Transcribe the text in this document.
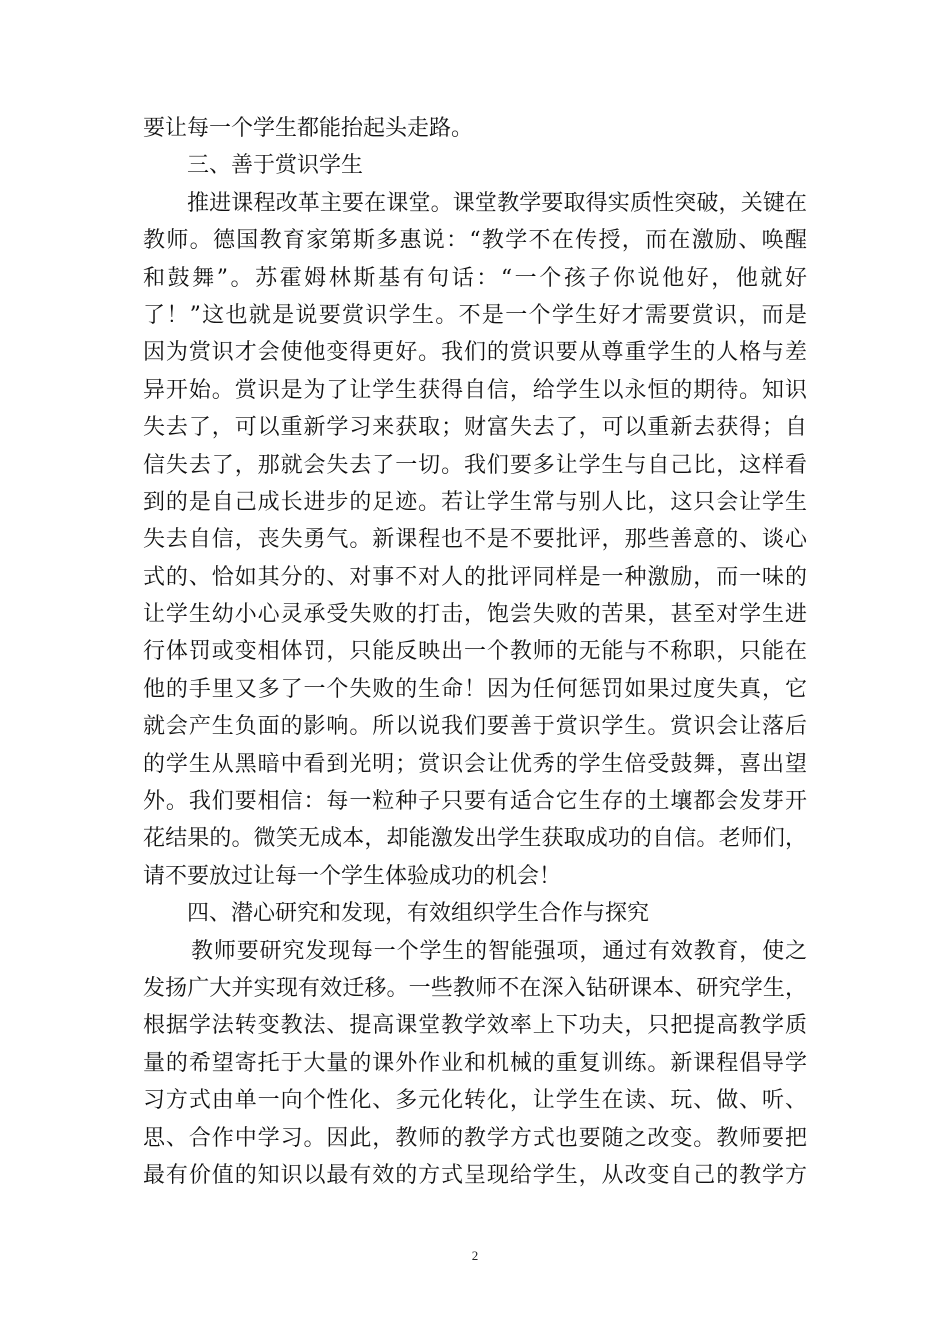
要让每一个学生都能抬起头走路。
三、善于赏识学生
推进课程改革主要在课堂。课堂教学要取得实质性突破，关键在
教师。德国教育家第斯多惠说：“教学不在传授，而在激励、唤醒
和鼓舞”。苏霍姆林斯基有句话：“一个孩子你说他好，他就好
了！”这也就是说要赏识学生。不是一个学生好才需要赏识，而是
因为赏识才会使他变得更好。我们的赏识要从尊重学生的人格与差
异开始。赏识是为了让学生获得自信，给学生以永恒的期待。知识
失去了，可以重新学习来获取；财富失去了，可以重新去获得；自
信失去了，那就会失去了一切。我们要多让学生与自己比，这样看
到的是自己成长进步的足迹。若让学生常与别人比，这只会让学生
失去自信，丧失勇气。新课程也不是不要批评，那些善意的、谈心
式的、恰如其分的、对事不对人的批评同样是一种激励，而一味的
让学生幼小心灵承受失败的打击，饱尝失败的苦果，甚至对学生进
行体罚或变相体罚，只能反映出一个教师的无能与不称职，只能在
他的手里又多了一个失败的生命！因为任何惩罚如果过度失真，它
就会产生负面的影响。所以说我们要善于赏识学生。赏识会让落后
的学生从黑暗中看到光明；赏识会让优秀的学生倍受鼓舞，喜出望
外。我们要相信：每一粒种子只要有适合它生存的土壤都会发芽开
花结果的。微笑无成本，却能激发出学生获取成功的自信。老师们，
请不要放过让每一个学生体验成功的机会！
四、潜心研究和发现，有效组织学生合作与探究
教师要研究发现每一个学生的智能强项，通过有效教育，使之
发扬广大并实现有效迁移。一些教师不在深入钻研课本、研究学生，
根据学法转变教法、提高课堂教学效率上下功夫，只把提高教学质
量的希望寄托于大量的课外作业和机械的重复训练。新课程倡导学
习方式由单一向个性化、多元化转化，让学生在读、玩、做、听、
思、合作中学习。因此，教师的教学方式也要随之改变。教师要把
最有价值的知识以最有效的方式呈现给学生，从改变自己的教学方
2
